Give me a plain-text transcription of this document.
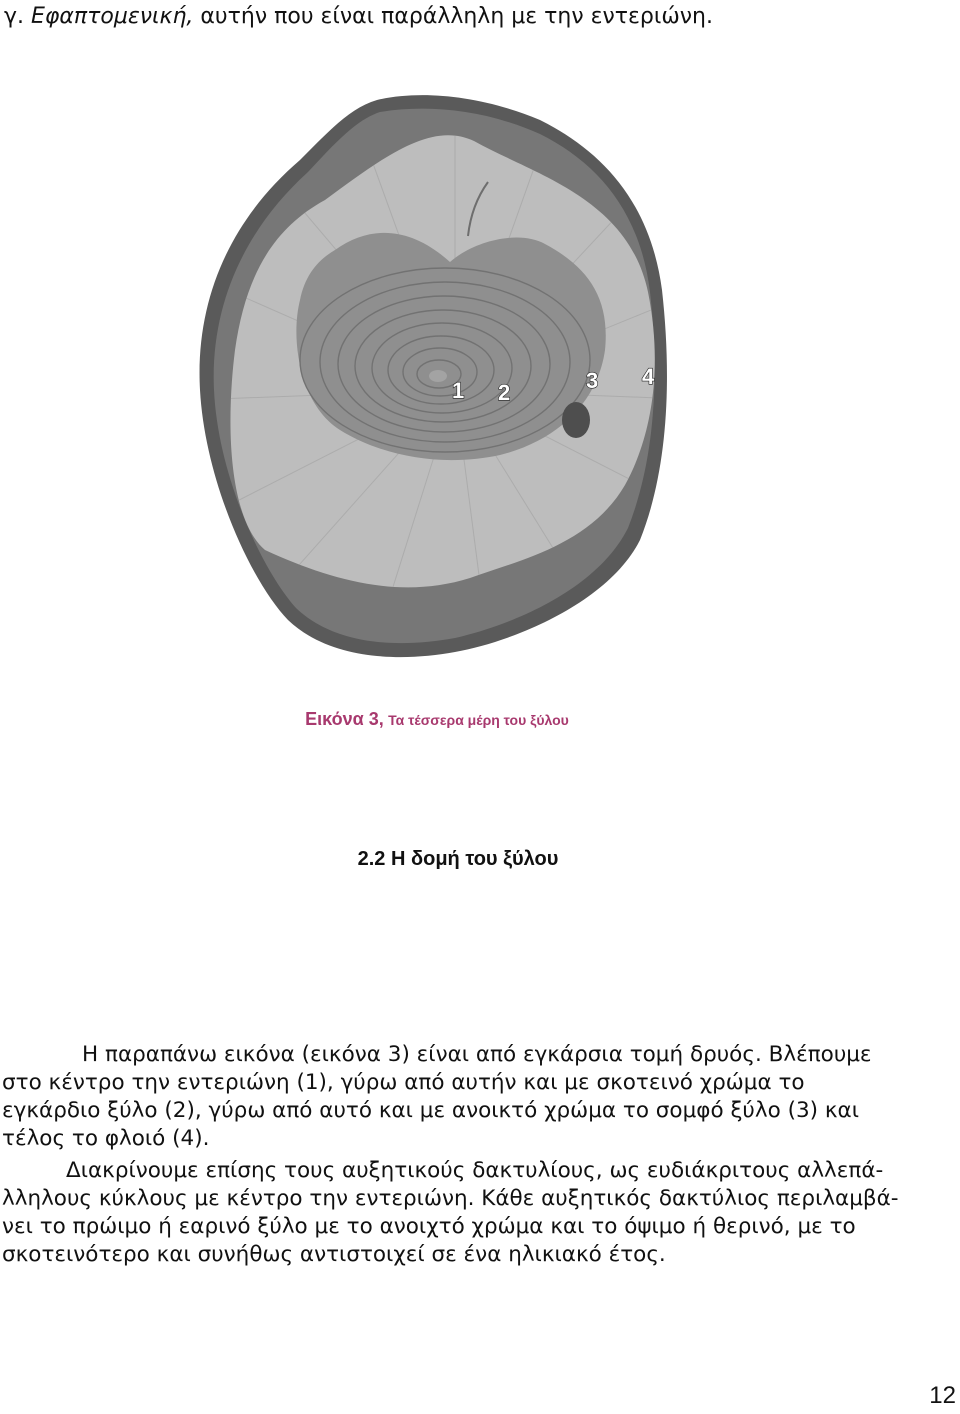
γ. Εφαπτομενική, αυτήν που είναι παράλληλη με την εντεριώνη.
1 2	3 4
Εικόνα 3, Τα τέσσερα μέρη του ξύλου
2.2 Η δομή του ξύλου

Η παραπάνω εικόνα (εικόνα 3) είναι από εγκάρσια τομή δρυός. Βλέπουμε
στο κέντρο την εντεριώνη (1), γύρω από αυτήν και με σκοτεινό χρώμα το
εγκάρδιο ξύλο (2), γύρω από αυτό και με ανοικτό χρώμα το σομφό ξύλο (3) και
τέλος το φλοιό (4).

Διακρίνουμε επίσης τους αυξητικούς δακτυλίους, ως ευδιάκριτους αλλεπά-
λληλους κύκλους με κέντρο την εντεριώνη. Κάθε αυξητικός δακτύλιος περιλαμβά-
νει το πρώιμο ή εαρινό ξύλο με το ανοιχτό χρώμα και το όψιμο ή θερινό, με το
σκοτεινότερο και συνήθως αντιστοιχεί σε ένα ηλικιακό έτος.

12
